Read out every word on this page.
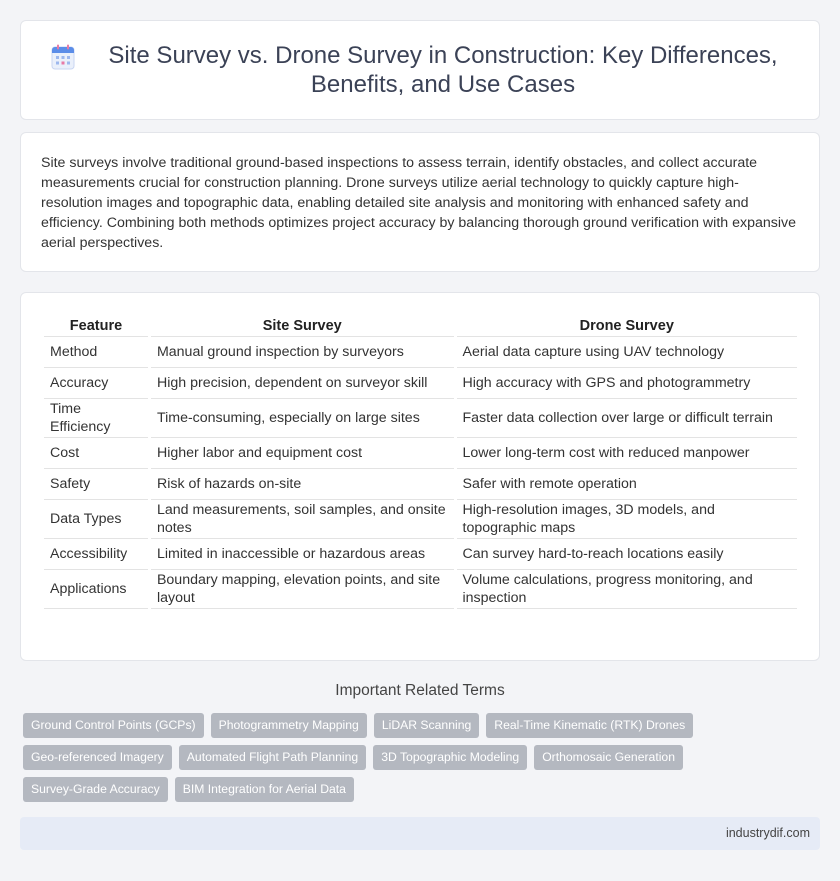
Site Survey vs. Drone Survey in Construction: Key Differences, Benefits, and Use Cases

Site surveys involve traditional ground-based inspections to assess terrain, identify obstacles, and collect accurate measurements crucial for construction planning. Drone surveys utilize aerial technology to quickly capture high-resolution images and topographic data, enabling detailed site analysis and monitoring with enhanced safety and efficiency. Combining both methods optimizes project accuracy by balancing thorough ground verification with expansive aerial perspectives.

Feature	Site Survey	Drone Survey
Method	Manual ground inspection by surveyors	Aerial data capture using UAV technology
Accuracy	High precision, dependent on surveyor skill	High accuracy with GPS and photogrammetry
Time Efficiency	Time-consuming, especially on large sites	Faster data collection over large or difficult terrain
Cost	Higher labor and equipment cost	Lower long-term cost with reduced manpower
Safety	Risk of hazards on-site	Safer with remote operation
Data Types	Land measurements, soil samples, and onsite notes	High-resolution images, 3D models, and topographic maps
Accessibility	Limited in inaccessible or hazardous areas	Can survey hard-to-reach locations easily
Applications	Boundary mapping, elevation points, and site layout	Volume calculations, progress monitoring, and inspection
Important Related Terms
Ground Control Points (GCPs)	Photogrammetry Mapping	LiDAR Scanning	Real-Time Kinematic (RTK) Drones
Geo-referenced Imagery	Automated Flight Path Planning	3D Topographic Modeling	Orthomosaic Generation
Survey-Grade Accuracy	BIM Integration for Aerial Data
industrydif.com
